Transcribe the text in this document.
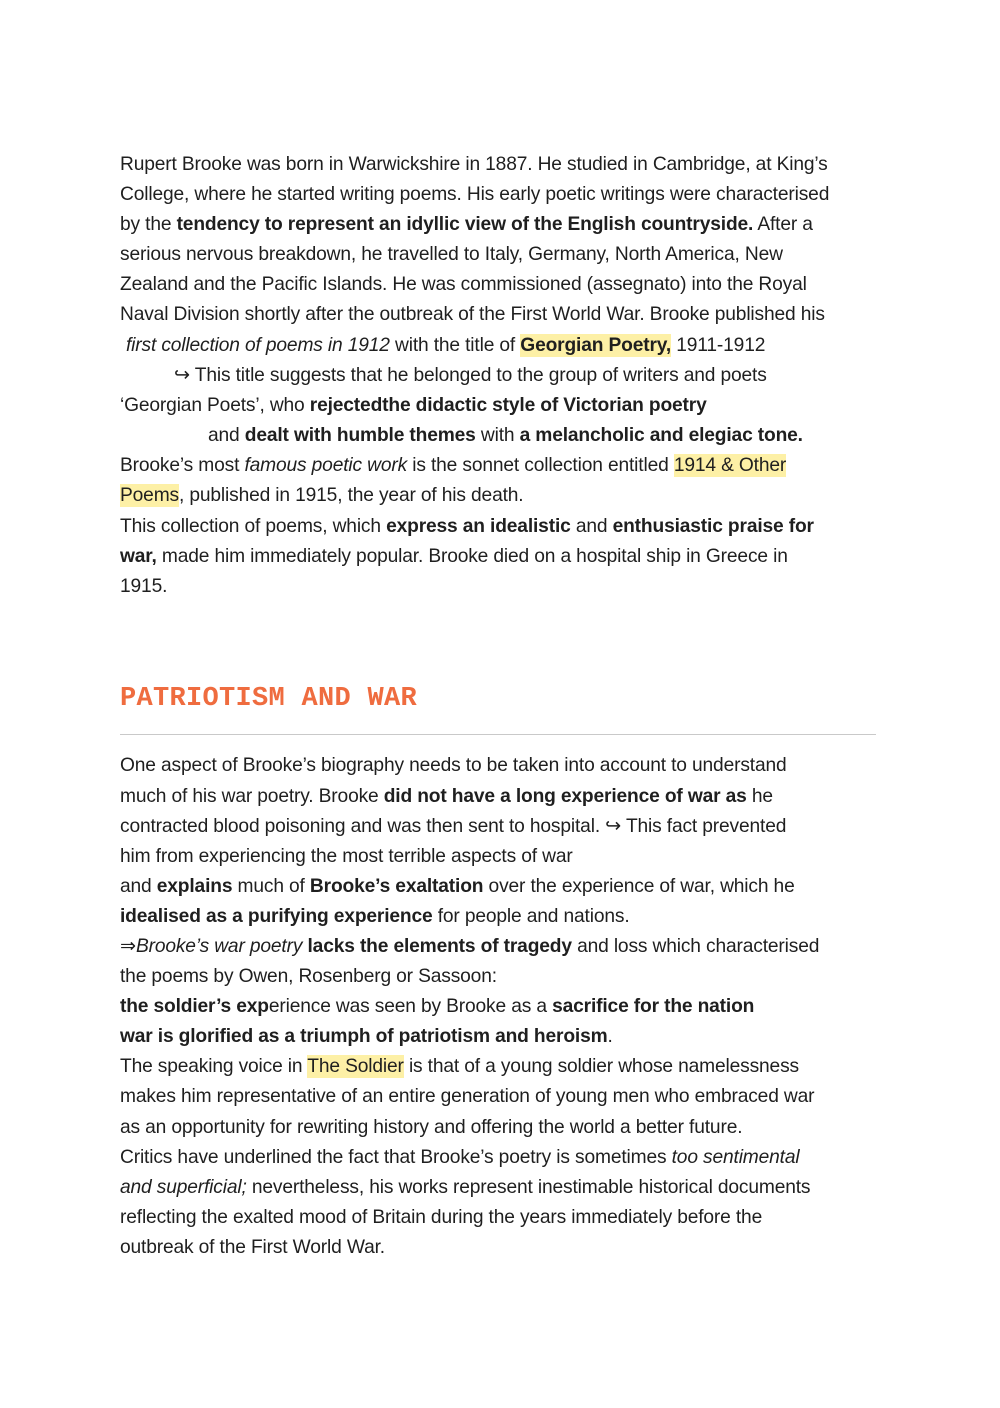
Rupert Brooke was born in Warwickshire in 1887. He studied in Cambridge, at King’s

College, where he started writing poems. His early poetic writings were characterised

by the tendency to represent an idyllic view of the English countryside. After a

serious nervous breakdown, he travelled to Italy, Germany, North America, New

Zealand and the Pacific Islands. He was commissioned (assegnato) into the Royal

Naval Division shortly after the outbreak of the First World War. Brooke published his

first collection of poems in 1912 with the title of Georgian Poetry, 1911-1912

↪ This title suggests that he belonged to the group of writers and poets

‘Georgian Poets’, who rejectedthe didactic style of Victorian poetry

and dealt with humble themes with a melancholic and elegiac tone.

Brooke’s most famous poetic work is the sonnet collection entitled 1914 & Other

Poems, published in 1915, the year of his death.

This collection of poems, which express an idealistic and enthusiastic praise for

war, made him immediately popular. Brooke died on a hospital ship in Greece in

1915.

PATRIOTISM AND WAR

One aspect of Brooke’s biography needs to be taken into account to understand

much of his war poetry. Brooke did not have a long experience of war as he

contracted blood poisoning and was then sent to hospital. ↪ This fact prevented

him from experiencing the most terrible aspects of war

and explains much of Brooke’s exaltation over the experience of war, which he

idealised as a purifying experience for people and nations.

⇒Brooke’s war poetry lacks the elements of tragedy and loss which characterised

the poems by Owen, Rosenberg or Sassoon:

the soldier’s experience was seen by Brooke as a sacrifice for the nation

war is glorified as a triumph of patriotism and heroism.

The speaking voice in The Soldier is that of a young soldier whose namelessness

makes him representative of an entire generation of young men who embraced war

as an opportunity for rewriting history and offering the world a better future.

Critics have underlined the fact that Brooke’s poetry is sometimes too sentimental

and superficial; nevertheless, his works represent inestimable historical documents

reflecting the exalted mood of Britain during the years immediately before the

outbreak of the First World War.
